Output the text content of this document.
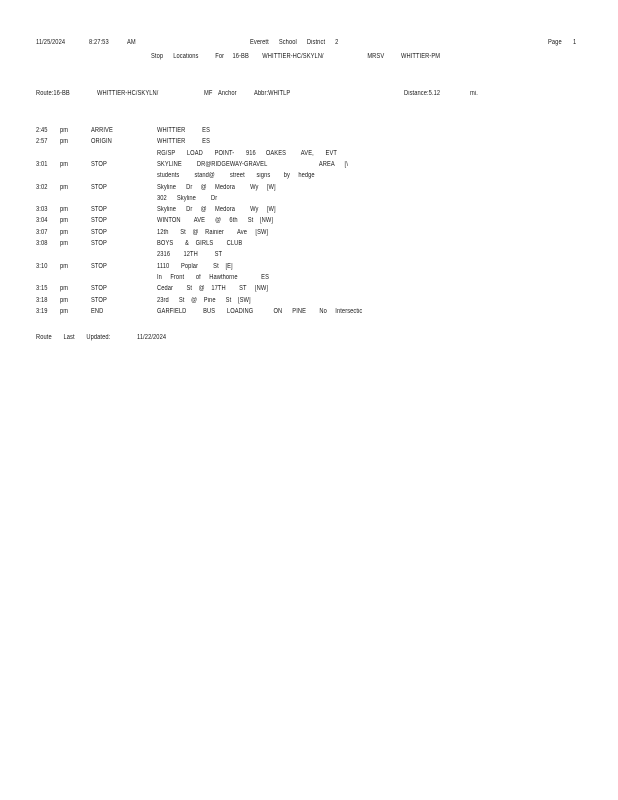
11/25/2024	8:27:53	AM	Everett      School      District      2	Page 1
Stop      Locations          For     16-BB        WHITTIER-HC/SKYLN/                          MRSV          WHITTIER-PM
Route:16-BB	WHITTIER-HC/SKYLN/	MF Anchor Abbr:WHITLP	Distance:5.12	mi.
2:45 pm	ARRIVE	WHITTIER          ES
2:57 pm	ORIGIN	WHITTIER          ES
RG/SP       LOAD       POINT-       916      OAKES         AVE,       EVT
3:01 pm	STOP	SKYLINE         DR@RIDGEWAY-GRAVEL                               AREA      [\
students         stand@         street       signs        by     hedge
3:02 pm	STOP	Skyline      Dr     @     Medora         Wy     [W]
302      Skyline         Dr
3:03 pm	STOP	Skyline      Dr     @     Medora         Wy     [W]
3:04 pm	STOP	WINTON        AVE      @     6th      St    [NW]
3:07 pm	STOP	12th       St    @    Rainier        Ave     [SW]
3:08 pm	STOP	BOYS       &    GIRLS        CLUB
2316        12TH          ST
3:10 pm	STOP	1110       Poplar         St    [E]
In     Front       of     Hawthorne              ES
3:15 pm	STOP	Cedar        St    @    17TH        ST     [NW]
3:18 pm	STOP	23rd      St    @    Pine      St    [SW]
3:19 pm	END	GARFIELD          BUS       LOADING            ON      PINE        No     Intersectic
Route       Last       Updated:	11/22/2024
